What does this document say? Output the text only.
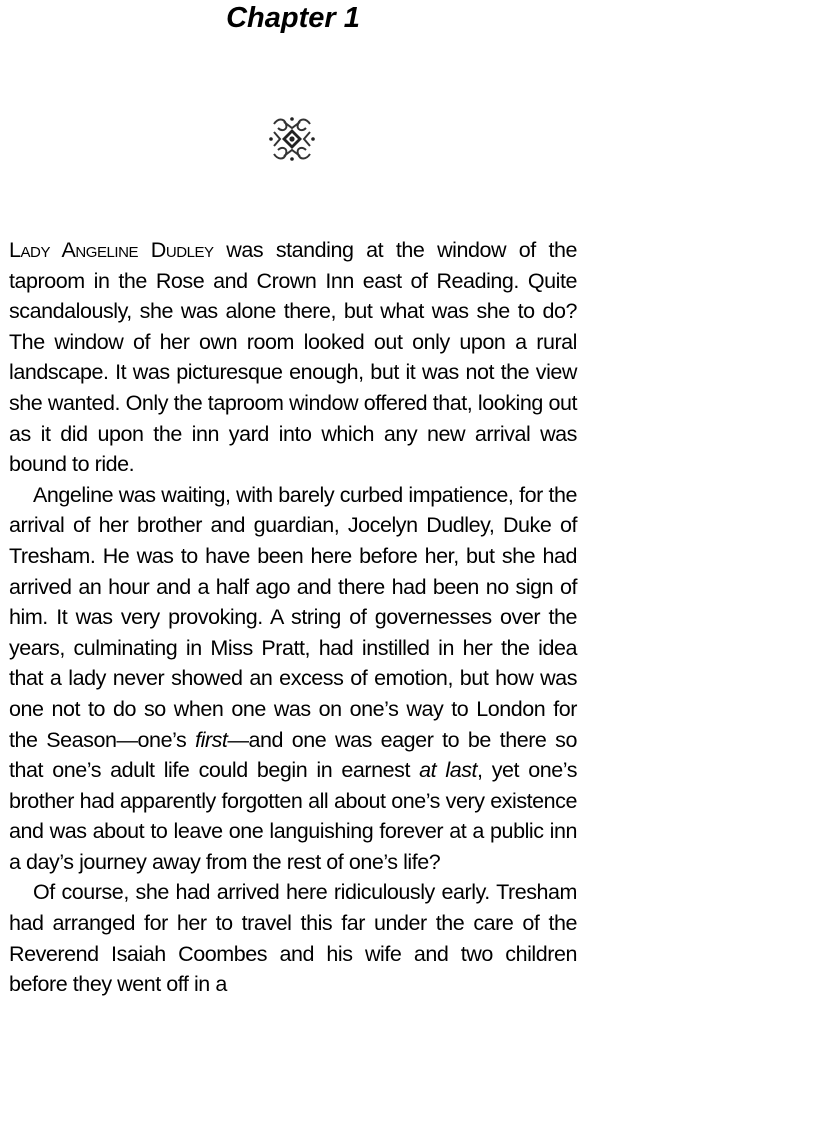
Chapter 1

Lady Angeline Dudley was standing at the window of the taproom in the Rose and Crown Inn east of Reading. Quite scandalously, she was alone there, but what was she to do? The window of her own room looked out only upon a rural landscape. It was picturesque enough, but it was not the view she wanted. Only the taproom window offered that, looking out as it did upon the inn yard into which any new arrival was bound to ride.

Angeline was waiting, with barely curbed impatience, for the arrival of her brother and guardian, Jocelyn Dudley, Duke of Tresham. He was to have been here before her, but she had arrived an hour and a half ago and there had been no sign of him. It was very provoking. A string of governesses over the years, culminating in Miss Pratt, had instilled in her the idea that a lady never showed an excess of emotion, but how was one not to do so when one was on one’s way to London for the Season—one’s first—and one was eager to be there so that one’s adult life could begin in earnest at last, yet one’s brother had apparently forgotten all about one’s very existence and was about to leave one languishing forever at a public inn a day’s journey away from the rest of one’s life?

Of course, she had arrived here ridiculously early. Tresham had arranged for her to travel this far under the care of the Reverend Isaiah Coombes and his wife and two children before they went off in a
